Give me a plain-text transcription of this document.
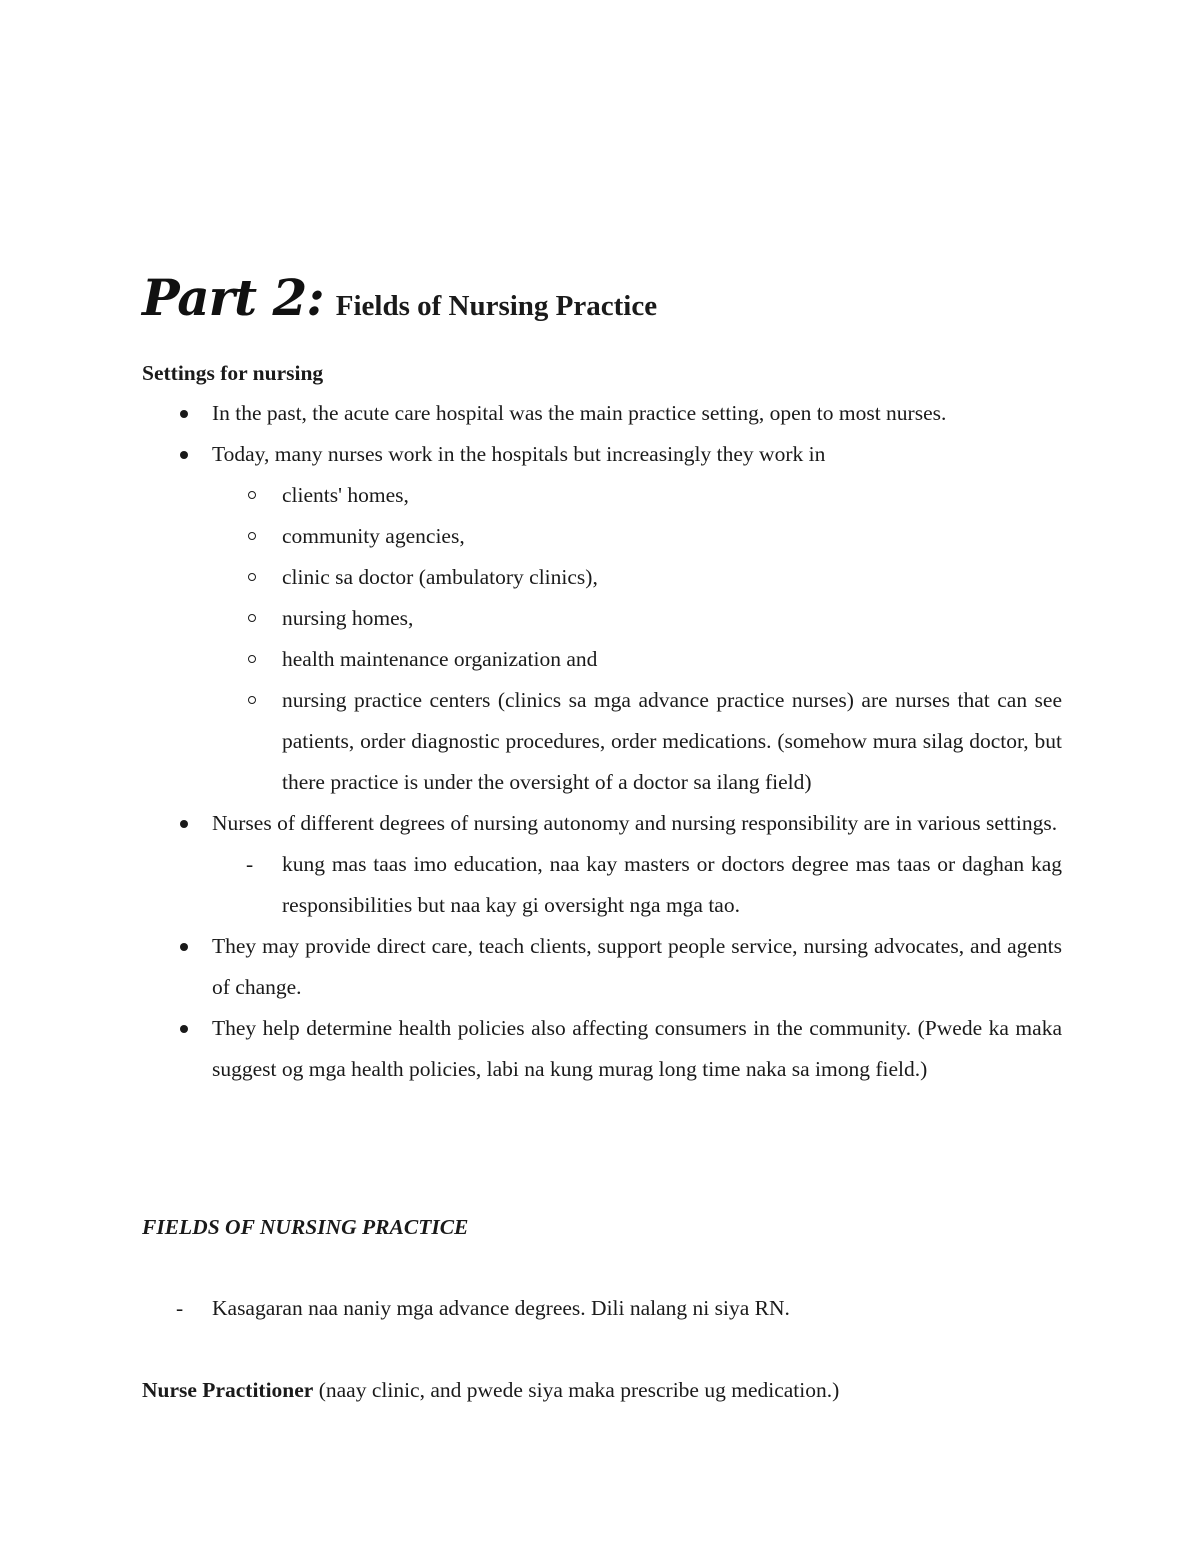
Part 2: Fields of Nursing Practice
Settings for nursing
In the past, the acute care hospital was the main practice setting, open to most nurses.
Today, many nurses work in the hospitals but increasingly they work in
clients' homes,
community agencies,
clinic sa doctor (ambulatory clinics),
nursing homes,
health maintenance organization and
nursing practice centers (clinics sa mga advance practice nurses) are nurses that can see patients, order diagnostic procedures, order medications. (somehow mura silag doctor, but there practice is under the oversight of a doctor sa ilang field)
Nurses of different degrees of nursing autonomy and nursing responsibility are in various settings.
- kung mas taas imo education, naa kay masters or doctors degree mas taas or daghan kag responsibilities but naa kay gi oversight nga mga tao.
They may provide direct care, teach clients, support people service, nursing advocates, and agents of change.
They help determine health policies also affecting consumers in the community. (Pwede ka maka suggest og mga health policies, labi na kung murag long time naka sa imong field.)
FIELDS OF NURSING PRACTICE
- Kasagaran naa naniy mga advance degrees. Dili nalang ni siya RN.
Nurse Practitioner (naay clinic, and pwede siya maka prescribe ug medication.)
